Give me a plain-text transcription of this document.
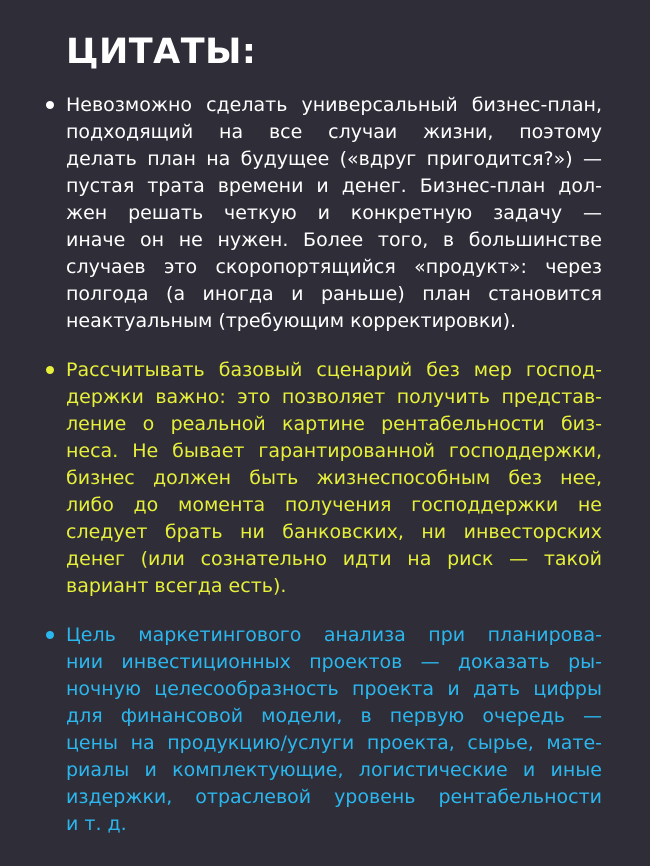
ЦИТАТЫ:
Невозможно сделать универсальный бизнес-план,
подходящий на все случаи жизни, поэтому
делать план на будущее («вдруг пригодится?») —
пустая трата времени и денег. Бизнес-план дол-
жен решать четкую и конкретную задачу —
иначе он не нужен. Более того, в большинстве
случаев это скоропортящийся «продукт»: через
полгода (а иногда и раньше) план становится
неактуальным (требующим корректировки).
Рассчитывать базовый сценарий без мер господ-
держки важно: это позволяет получить представ-
ление о реальной картине рентабельности биз-
неса. Не бывает гарантированной господдержки,
бизнес должен быть жизнеспособным без нее,
либо до момента получения господдержки не
следует брать ни банковских, ни инвесторских
денег (или сознательно идти на риск — такой
вариант всегда есть).
Цель маркетингового анализа при планирова-
нии инвестиционных проектов — доказать ры-
ночную целесообразность проекта и дать цифры
для финансовой модели, в первую очередь —
цены на продукцию/услуги проекта, сырье, мате-
риалы и комплектующие, логистические и иные
издержки, отраслевой уровень рентабельности
и т. д.
